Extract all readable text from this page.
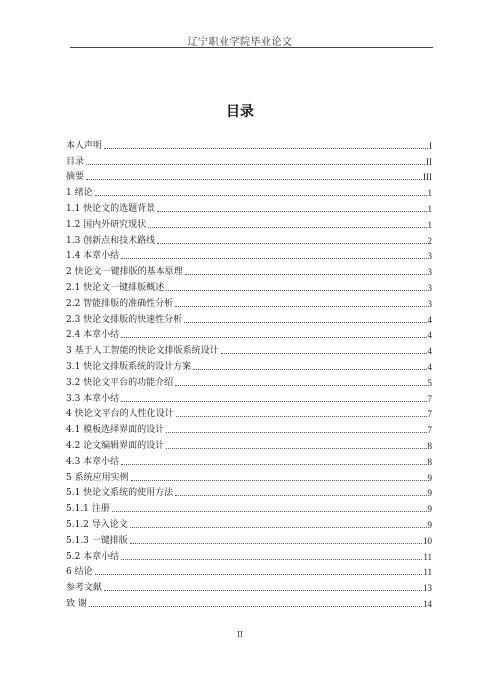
辽宁职业学院毕业论文
目录
本人声明	I
目录	II
摘要	III
1 绪论	1
1.1 快论文的选题背景	1
1.2 国内外研究现状	1
1.3 创新点和技术路线	2
1.4 本章小结	3
2 快论文一键排版的基本原理	3
2.1 快论文一键排版概述	3
2.2 智能排版的准确性分析	3
2.3 快论文排版的快速性分析	4
2.4 本章小结	4
3 基于人工智能的快论文排版系统设计	4
3.1 快论文排版系统的设计方案	4
3.2 快论文平台的功能介绍	5
3.3 本章小结	7
4 快论文平台的人性化设计	7
4.1 模板选择界面的设计	7
4.2 论文编辑界面的设计	8
4.3 本章小结	8
5 系统应用实例	9
5.1 快论文系统的使用方法	9
5.1.1 注册	9
5.1.2 导入论文	9
5.1.3 一键排版	10
5.2 本章小结	11
6 结论	11
参考文献	13
致 谢	14
II
